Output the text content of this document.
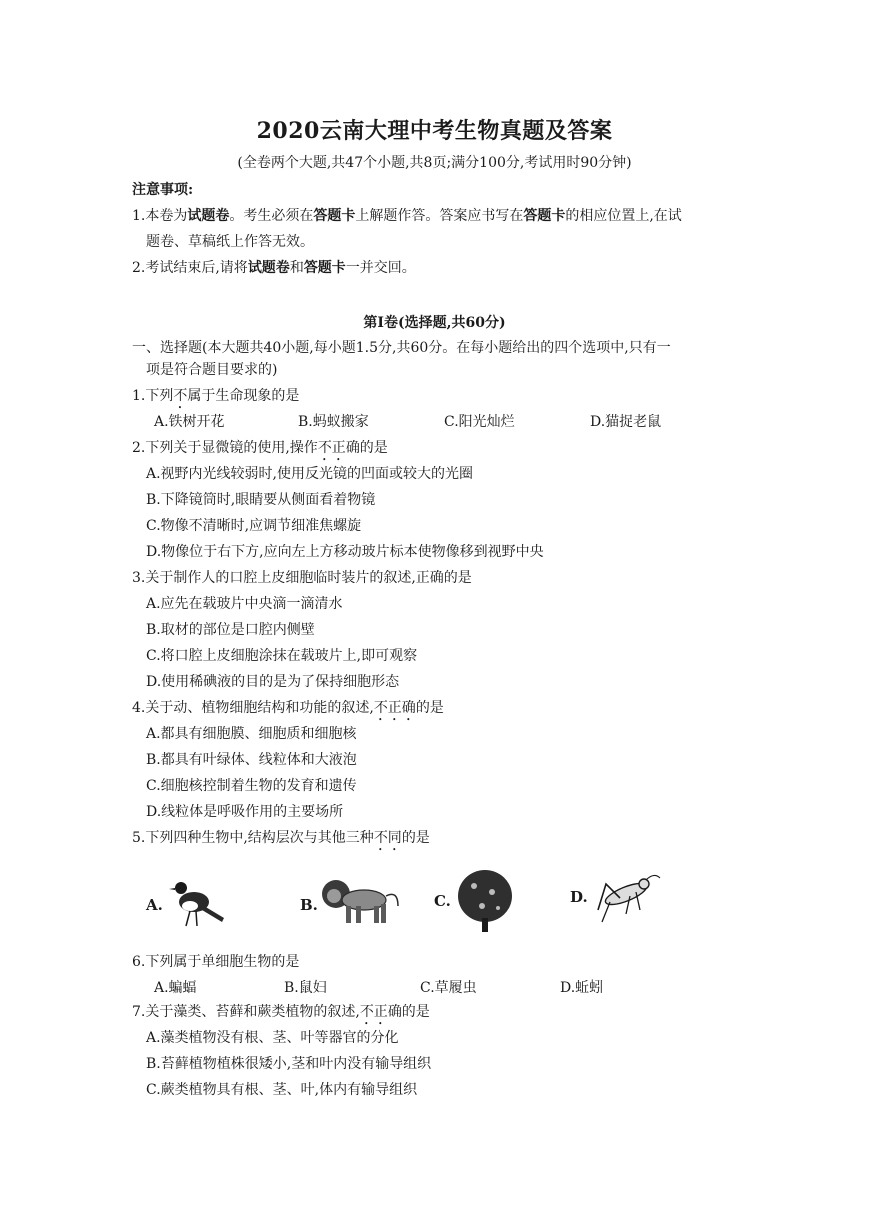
2020云南大理中考生物真题及答案
(全卷两个大题,共47个小题,共8页;满分100分,考试用时90分钟)
注意事项:
1.本卷为试题卷。考生必须在答题卡上解题作答。答案应书写在答题卡的相应位置上,在试
题卷、草稿纸上作答无效。
2.考试结束后,请将试题卷和答题卡一并交回。
第Ⅰ卷(选择题,共60分)
一、选择题(本大题共40小题,每小题1.5分,共60分。在每小题给出的四个选项中,只有一
项是符合题目要求的)
1.下列不属于生命现象的是
A.铁树开花	B.蚂蚁搬家	C.阳光灿烂	D.猫捉老鼠
2.下列关于显微镜的使用,操作不正确的是
A.视野内光线较弱时,使用反光镜的凹面或较大的光圈
B.下降镜筒时,眼睛要从侧面看着物镜
C.物像不清晰时,应调节细准焦螺旋
D.物像位于右下方,应向左上方移动玻片标本使物像移到视野中央
3.关于制作人的口腔上皮细胞临时装片的叙述,正确的是
A.应先在载玻片中央滴一滴清水
B.取材的部位是口腔内侧壁
C.将口腔上皮细胞涂抹在载玻片上,即可观察
D.使用稀碘液的目的是为了保持细胞形态
4.关于动、植物细胞结构和功能的叙述,不正确的是
A.都具有细胞膜、细胞质和细胞核
B.都具有叶绿体、线粒体和大液泡
C.细胞核控制着生物的发育和遗传
D.线粒体是呼吸作用的主要场所
5.下列四种生物中,结构层次与其他三种不同的是
A.	B.	C.	D.
6.下列属于单细胞生物的是
A.蝙蝠	B.鼠妇	C.草履虫	D.蚯蚓
7.关于藻类、苔藓和蕨类植物的叙述,不正确的是
A.藻类植物没有根、茎、叶等器官的分化
B.苔藓植物植株很矮小,茎和叶内没有输导组织
C.蕨类植物具有根、茎、叶,体内有输导组织
